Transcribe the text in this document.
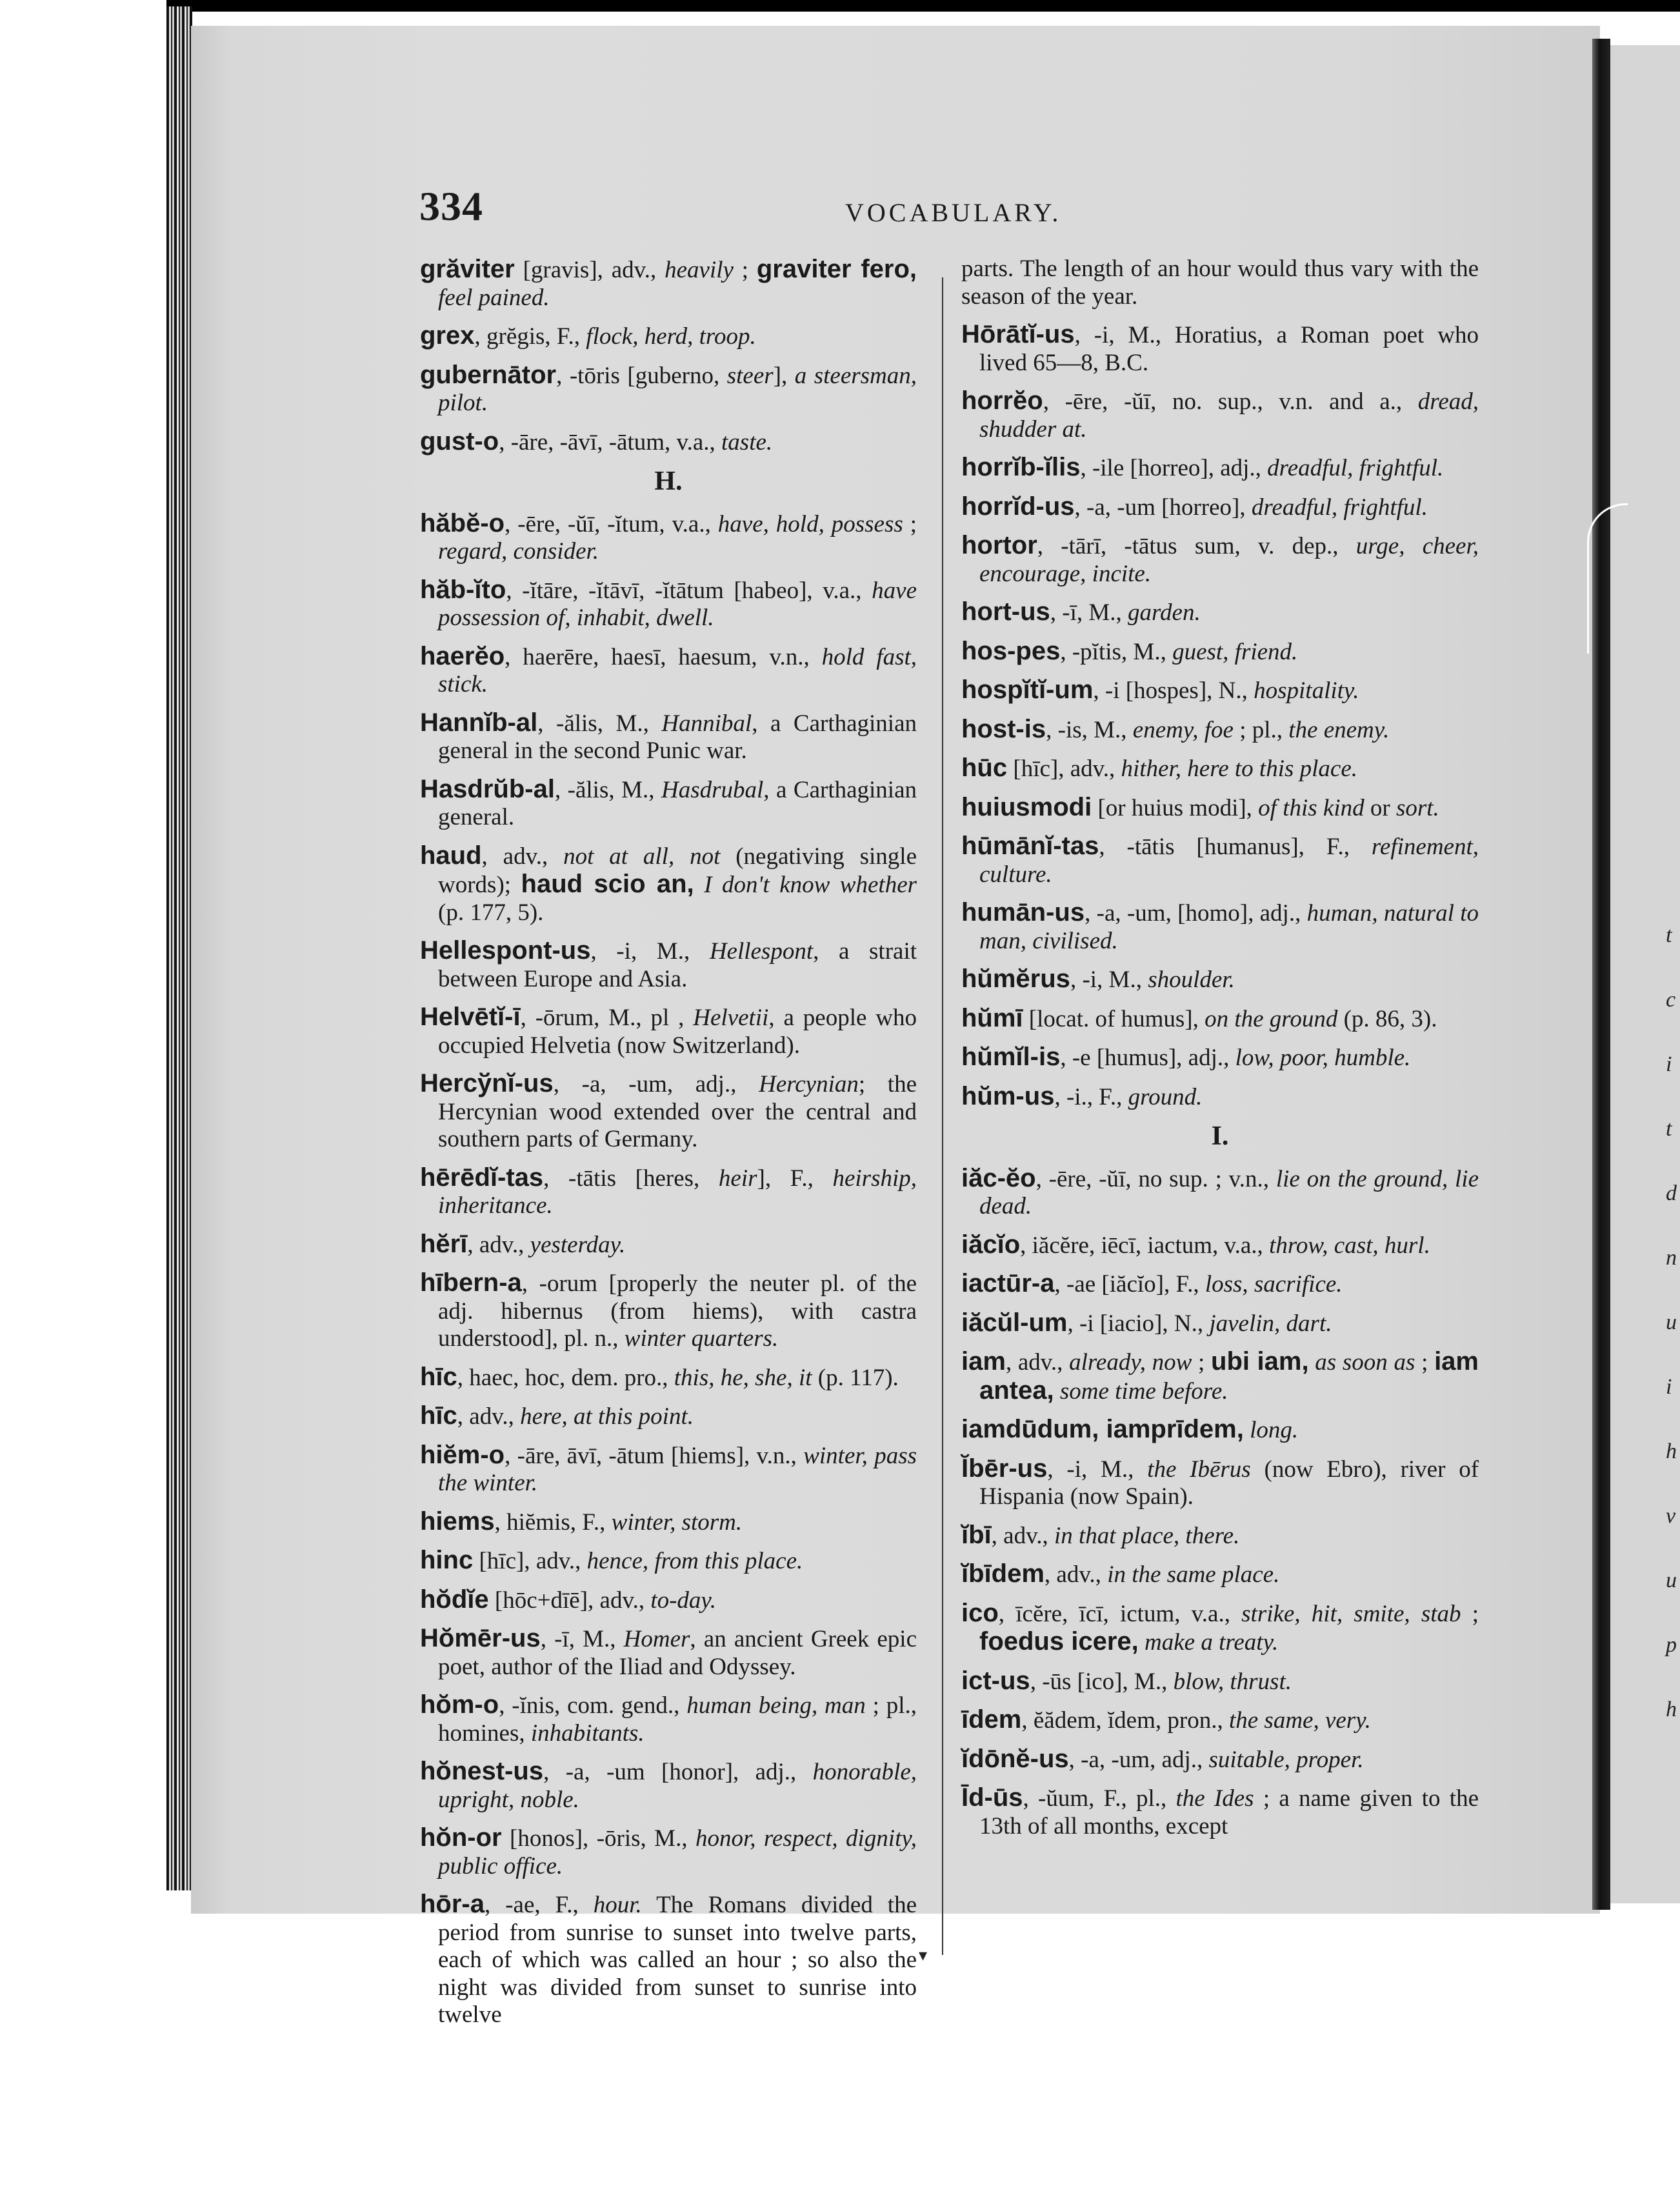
t
c
i
t
d
n
u
i
h
v
u
p
h
▾
334	VOCABULARY.
grăviter [gravis], adv., heavily ; graviter fero, feel pained.
grex, grĕgis, F., flock, herd, troop.
gubernātor, -tōris [guberno, steer], a steersman, pilot.
gust-o, -āre, -āvī, -ātum, v.a., taste.
H.
hăbĕ-o, -ēre, -ŭī, -ĭtum, v.a., have, hold, possess ; regard, consider.
hăb-ĭto, -ĭtāre, -ĭtāvī, -ĭtātum [habeo], v.a., have possession of, inhabit, dwell.
haerĕo, haerēre, haesī, haesum, v.n., hold fast, stick.
Hannĭb-al, -ălis, M., Hannibal, a Carthaginian general in the second Punic war.
Hasdrŭb-al, -ălis, M., Hasdrubal, a Carthaginian general.
haud, adv., not at all, not (negativing single words); haud scio an, I don't know whether (p. 177, 5).
Hellespont-us, -i, M., Hellespont, a strait between Europe and Asia.
Helvētĭ-ī, -ōrum, M., pl , Helvetii, a people who occupied Helvetia (now Switzerland).
Hercўnĭ-us, -a, -um, adj., Hercynian; the Hercynian wood extended over the central and southern parts of Germany.
hērēdĭ-tas, -tātis [heres, heir], F., heirship, inheritance.
hĕrī, adv., yesterday.
hībern-a, -orum [properly the neuter pl. of the adj. hibernus (from hiems), with castra understood], pl. n., winter quarters.
hīc, haec, hoc, dem. pro., this, he, she, it (p. 117).
hīc, adv., here, at this point.
hiĕm-o, -āre, āvī, -ātum [hiems], v.n., winter, pass the winter.
hiems, hiĕmis, F., winter, storm.
hinc [hīc], adv., hence, from this place.
hŏdĭe [hōc+dīē], adv., to-day.
Hŏmēr-us, -ī, M., Homer, an ancient Greek epic poet, author of the Iliad and Odyssey.
hŏm-o, -ĭnis, com. gend., human being, man ; pl., homines, inhabitants.
hŏnest-us, -a, -um [honor], adj., honorable, upright, noble.
hŏn-or [honos], -ōris, M., honor, respect, dignity, public office.
hōr-a, -ae, F., hour. The Romans divided the period from sunrise to sunset into twelve parts, each of which was called an hour ; so also the night was divided from sunset to sunrise into twelve
parts. The length of an hour would thus vary with the season of the year.
Hōrātĭ-us, -i, M., Horatius, a Roman poet who lived 65—8, B.C.
horrĕo, -ēre, -ŭī, no. sup., v.n. and a., dread, shudder at.
horrĭb-ĭlis, -ile [horreo], adj., dreadful, frightful.
horrĭd-us, -a, -um [horreo], dreadful, frightful.
hortor, -tārī, -tātus sum, v. dep., urge, cheer, encourage, incite.
hort-us, -ī, M., garden.
hos-pes, -pĭtis, M., guest, friend.
hospĭtĭ-um, -i [hospes], N., hospitality.
host-is, -is, M., enemy, foe ; pl., the enemy.
hūc [hīc], adv., hither, here to this place.
huiusmodi [or huius modi], of this kind or sort.
hūmānĭ-tas, -tātis [humanus], F., refinement, culture.
humān-us, -a, -um, [homo], adj., human, natural to man, civilised.
hŭmĕrus, -i, M., shoulder.
hŭmī [locat. of humus], on the ground (p. 86, 3).
hŭmĭl-is, -e [humus], adj., low, poor, humble.
hŭm-us, -i., F., ground.
I.
iăc-ĕo, -ēre, -ŭī, no sup. ; v.n., lie on the ground, lie dead.
iăcĭo, iăcĕre, iēcī, iactum, v.a., throw, cast, hurl.
iactūr-a, -ae [iăcĭo], F., loss, sacrifice.
iăcŭl-um, -i [iacio], N., javelin, dart.
iam, adv., already, now ; ubi iam, as soon as ; iam antea, some time before.
iamdūdum, iamprīdem, long.
Ĭbēr-us, -i, M., the Ibērus (now Ebro), river of Hispania (now Spain).
ĭbī, adv., in that place, there.
ĭbīdem, adv., in the same place.
ico, īcĕre, īcī, ictum, v.a., strike, hit, smite, stab ; foedus icere, make a treaty.
ict-us, -ūs [ico], M., blow, thrust.
īdem, ĕădem, ĭdem, pron., the same, very.
ĭdōnĕ-us, -a, -um, adj., suitable, proper.
Īd-ūs, -ŭum, F., pl., the Ides ; a name given to the 13th of all months, except
